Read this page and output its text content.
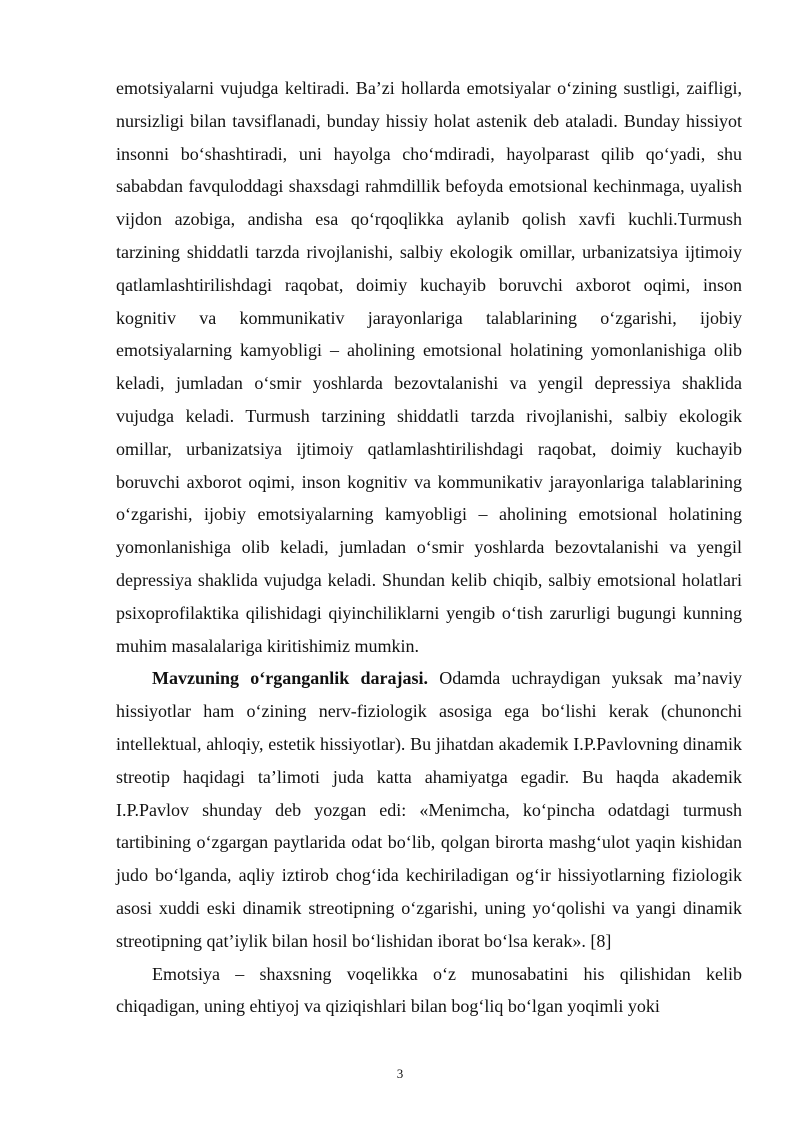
emotsiyalarni vujudga keltiradi. Ba’zi hollarda emotsiyalar o‘zining sustligi, zaifligi, nursizligi bilan tavsiflanadi, bunday hissiy holat astenik deb ataladi. Bunday hissiyot insonni bo‘shashtiradi, uni hayolga cho‘mdiradi, hayolparast qilib qo‘yadi, shu sababdan favquloddagi shaxsdagi rahmdillik befoyda emotsional kechinmaga, uyalish vijdon azobiga, andisha esa qo‘rqoqlikka aylanib qolish xavfi kuchli.Turmush tarzining shiddatli tarzda rivojlanishi, salbiy ekologik omillar, urbanizatsiya ijtimoiy qatlamlashtirilishdagi raqobat, doimiy kuchayib boruvchi axborot oqimi, inson kognitiv va kommunikativ jarayonlariga talablarining o‘zgarishi, ijobiy emotsiyalarning kamyobligi – aholining emotsional holatining yomonlanishiga olib keladi, jumladan o‘smir yoshlarda bezovtalanishi va yengil depressiya shaklida vujudga keladi. Turmush tarzining shiddatli tarzda rivojlanishi, salbiy ekologik omillar, urbanizatsiya ijtimoiy qatlamlashtirilishdagi raqobat, doimiy kuchayib boruvchi axborot oqimi, inson kognitiv va kommunikativ jarayonlariga talablarining o‘zgarishi, ijobiy emotsiyalarning kamyobligi – aholining emotsional holatining yomonlanishiga olib keladi, jumladan o‘smir yoshlarda bezovtalanishi va yengil depressiya shaklida vujudga keladi. Shundan kelib chiqib, salbiy emotsional holatlari psixoprofilaktika qilishidagi qiyinchiliklarni yengib o‘tish zarurligi bugungi kunning muhim masalalariga kiritishimiz mumkin.

Mavzuning o‘rganganlik darajasi. Odamda uchraydigan yuksak ma’naviy hissiyotlar ham o‘zining nerv-fiziologik asosiga ega bo‘lishi kerak (chunonchi intellektual, ahloqiy, estetik hissiyotlar). Bu jihatdan akademik I.P.Pavlovning dinamik streotip haqidagi ta’limoti juda katta ahamiyatga egadir. Bu haqda akademik I.P.Pavlov shunday deb yozgan edi: «Menimcha, ko‘pincha odatdagi turmush tartibining o‘zgargan paytlarida odat bo‘lib, qolgan birorta mashg‘ulot yaqin kishidan judo bo‘lganda, aqliy iztirob chog‘ida kechiriladigan og‘ir hissiyotlarning fiziologik asosi xuddi eski dinamik streotipning o‘zgarishi, uning yo‘qolishi va yangi dinamik streotipning qat’iylik bilan hosil bo‘lishidan iborat bo‘lsa kerak». [8]

Emotsiya – shaxsning voqelikka o‘z munosabatini his qilishidan kelib chiqadigan, uning ehtiyoj va qiziqishlari bilan bog‘liq bo‘lgan yoqimli yoki

3
